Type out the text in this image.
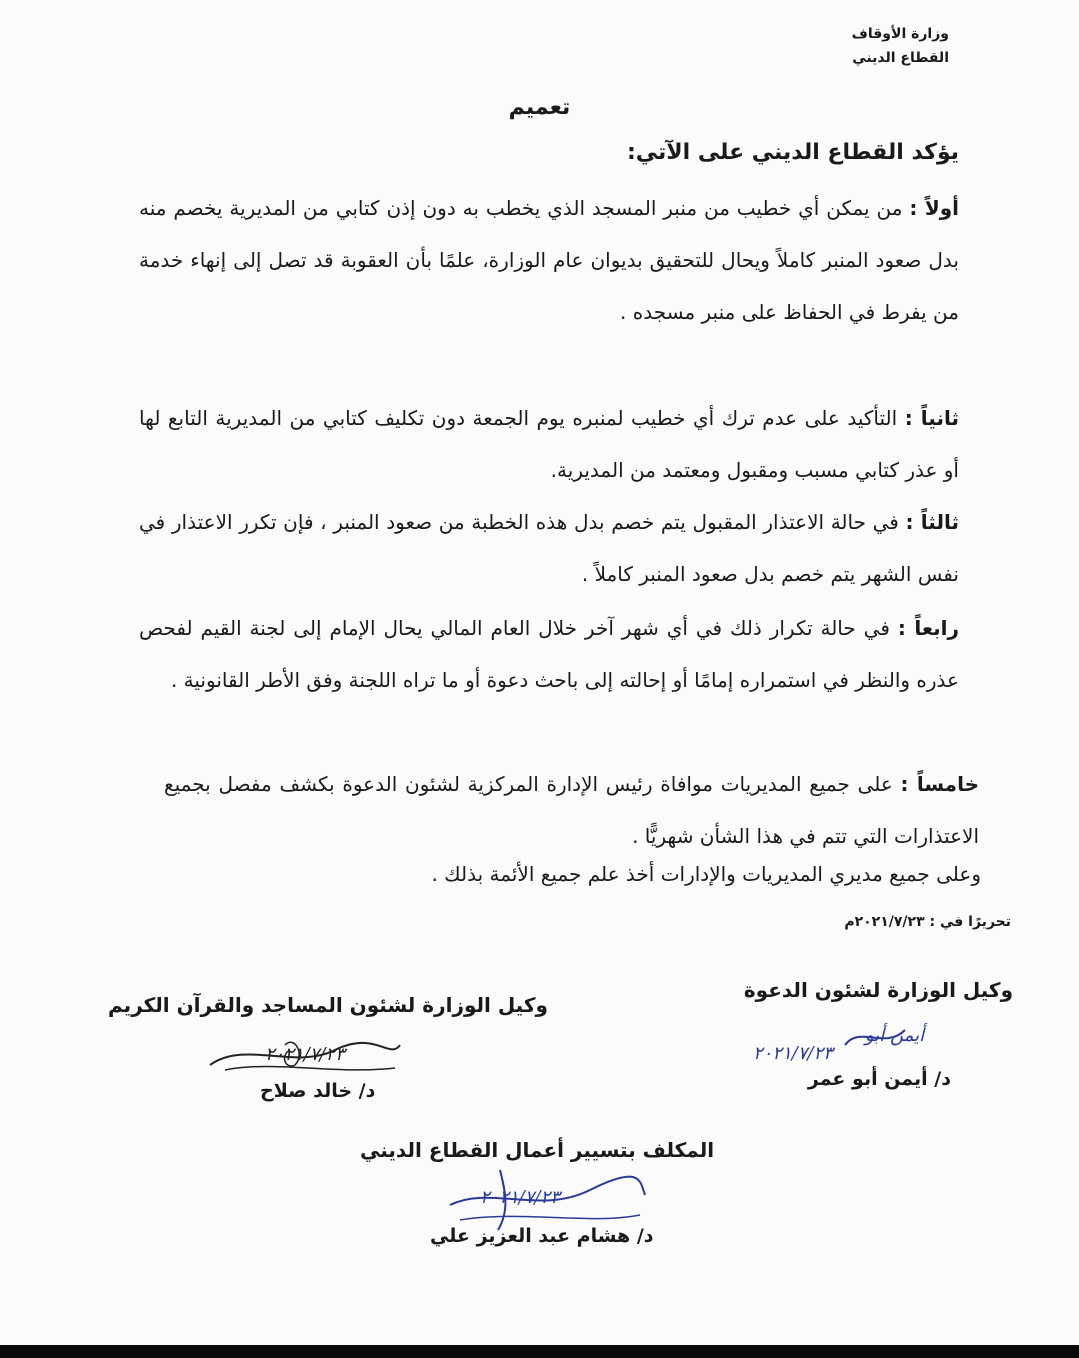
وزارة الأوقاف
القطاع الديني
تعميم
يؤكد القطاع الديني على الآتي:
أولاً : من يمكن أي خطيب من منبر المسجد الذي يخطب به دون إذن كتابي من المديرية يخصم منه بدل صعود المنبر كاملاً ويحال للتحقيق بديوان عام الوزارة، علمًا بأن العقوبة قد تصل إلى إنهاء خدمة من يفرط في الحفاظ على منبر مسجده .
ثانياً : التأكيد على عدم ترك أي خطيب لمنبره يوم الجمعة دون تكليف كتابي من المديرية التابع لها أو عذر كتابي مسبب ومقبول ومعتمد من المديرية.
ثالثاً : في حالة الاعتذار المقبول يتم خصم بدل هذه الخطبة من صعود المنبر ، فإن تكرر الاعتذار في نفس الشهر يتم خصم بدل صعود المنبر كاملاً .
رابعاً : في حالة تكرار ذلك في أي شهر آخر خلال العام المالي يحال الإمام إلى لجنة القيم لفحص عذره والنظر في استمراره إمامًا أو إحالته إلى باحث دعوة أو ما تراه اللجنة وفق الأطر القانونية .
خامساً : على جميع المديريات موافاة رئيس الإدارة المركزية لشئون الدعوة بكشف مفصل بجميع الاعتذارات التي تتم في هذا الشأن شهريًّا .
وعلى جميع مديري المديريات والإدارات أخذ علم جميع الأئمة بذلك .
تحريرًا في : ٢٠٢١/٧/٢٣م
وكيل الوزارة لشئون المساجد والقرآن الكريم
٢٠٢١/٧/٢٣
د/ خالد صلاح
وكيل الوزارة لشئون الدعوة
أيمن أبو
٢٠٢١/٧/٢٣
د/ أيمن أبو عمر
المكلف بتسيير أعمال القطاع الديني
٢٠٢١/٧/٢٣
د/ هشام عبد العزيز علي
